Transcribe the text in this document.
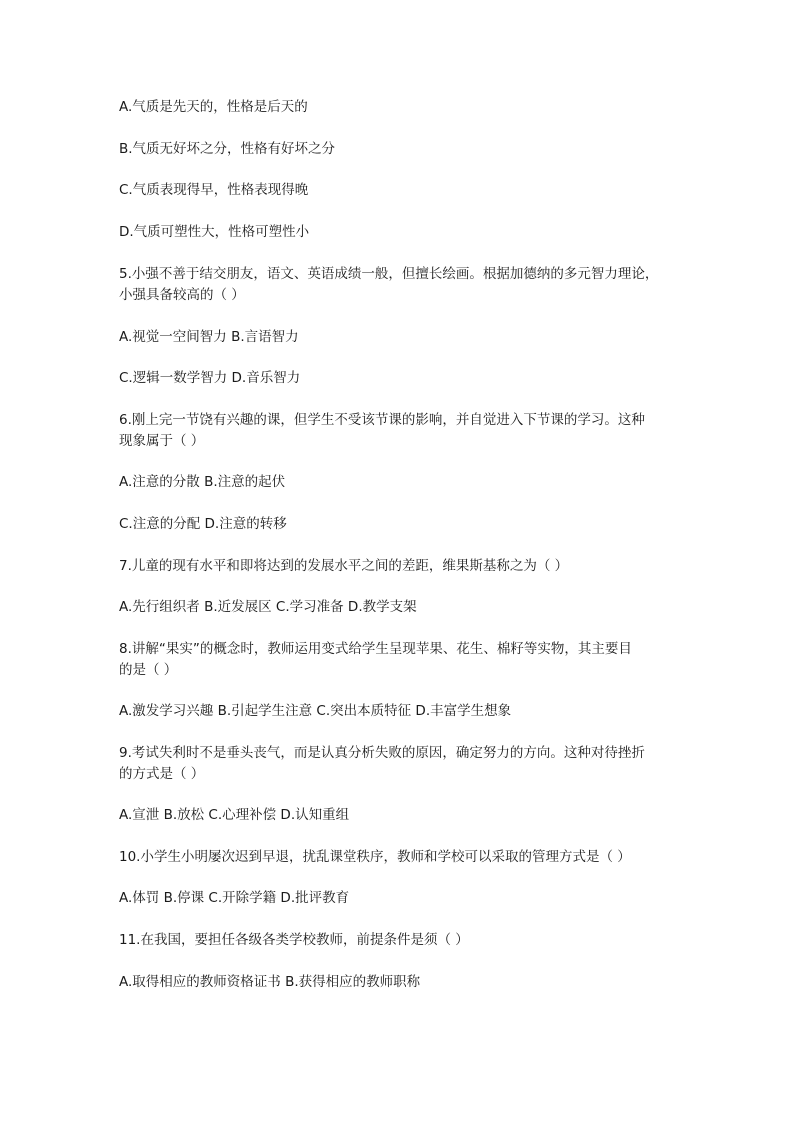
A.气质是先天的，性格是后天的
B.气质无好坏之分，性格有好坏之分
C.气质表现得早，性格表现得晚
D.气质可塑性大，性格可塑性小
5.小强不善于结交朋友，语文、英语成绩一般，但擅长绘画。根据加德纳的多元智力理论，
小强具备较高的（ ）
A.视觉一空间智力 B.言语智力
C.逻辑一数学智力 D.音乐智力
6.刚上完一节饶有兴趣的课，但学生不受该节课的影响，并自觉进入下节课的学习。这种
现象属于（ ）
A.注意的分散 B.注意的起伏
C.注意的分配 D.注意的转移
7.儿童的现有水平和即将达到的发展水平之间的差距，维果斯基称之为（ ）
A.先行组织者 B.近发展区 C.学习准备 D.教学支架
8.讲解“果实”的概念时，教师运用变式给学生呈现苹果、花生、棉籽等实物，其主要目
的是（ ）
A.激发学习兴趣 B.引起学生注意 C.突出本质特征 D.丰富学生想象
9.考试失利时不是垂头丧气，而是认真分析失败的原因，确定努力的方向。这种对待挫折
的方式是（ ）
A.宣泄 B.放松 C.心理补偿 D.认知重组
10.小学生小明屡次迟到早退，扰乱课堂秩序，教师和学校可以采取的管理方式是（ ）
A.体罚 B.停课 C.开除学籍 D.批评教育
11.在我国，要担任各级各类学校教师，前提条件是须（ ）
A.取得相应的教师资格证书 B.获得相应的教师职称
